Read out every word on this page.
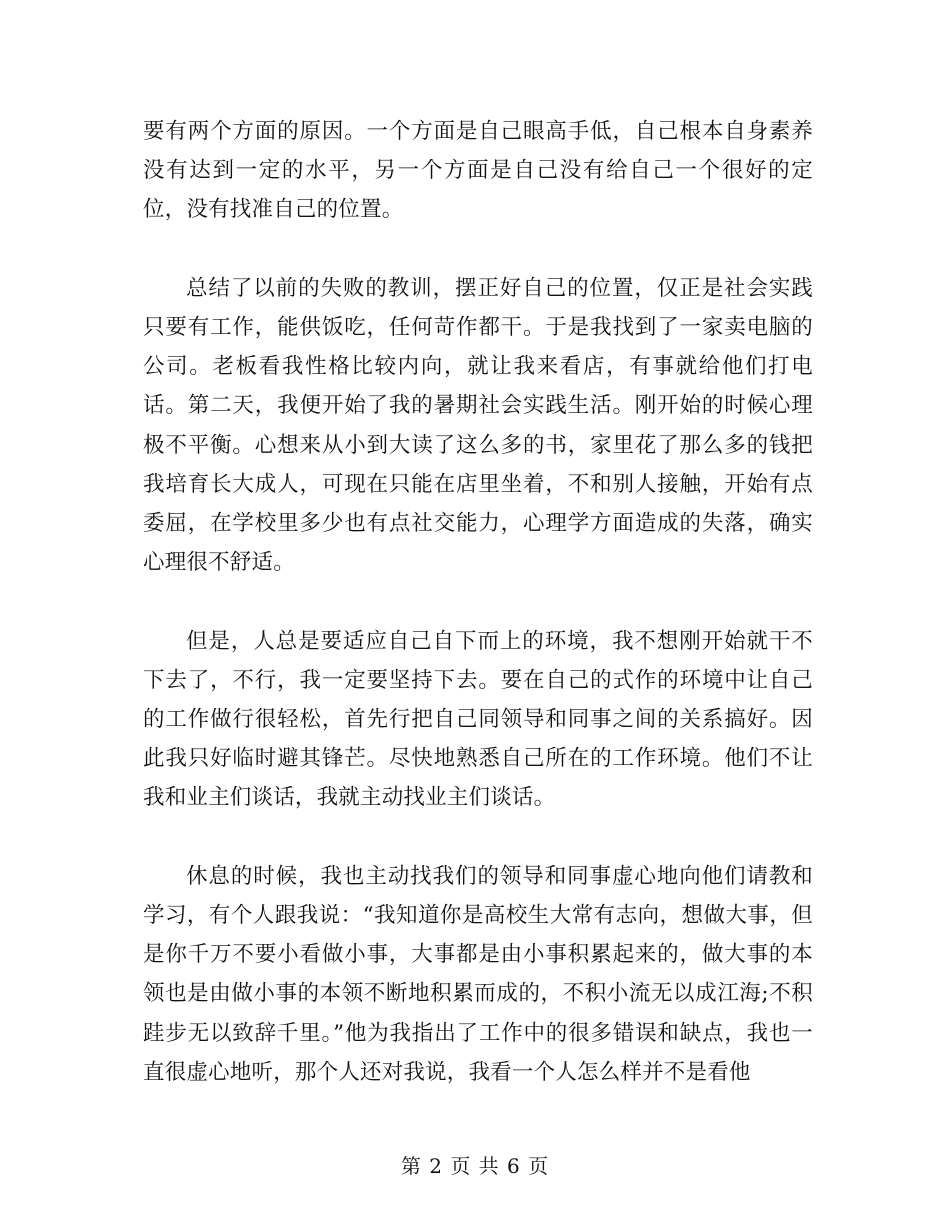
要有两个方面的原因。一个方面是自己眼高手低，自己根本自身素养没有达到一定的水平，另一个方面是自己没有给自己一个很好的定位，没有找准自己的位置。

总结了以前的失败的教训，摆正好自己的位置，仅正是社会实践只要有工作，能供饭吃，任何苛作都干。于是我找到了一家卖电脑的公司。老板看我性格比较内向，就让我来看店，有事就给他们打电话。第二天，我便开始了我的暑期社会实践生活。刚开始的时候心理极不平衡。心想来从小到大读了这么多的书，家里花了那么多的钱把我培育长大成人，可现在只能在店里坐着，不和别人接触，开始有点委屈，在学校里多少也有点社交能力，心理学方面造成的失落，确实心理很不舒适。

但是，人总是要适应自己自下而上的环境，我不想刚开始就干不下去了，不行，我一定要坚持下去。要在自己的式作的环境中让自己的工作做行很轻松，首先行把自己同领导和同事之间的关系搞好。因此我只好临时避其锋芒。尽快地熟悉自己所在的工作环境。他们不让我和业主们谈话，我就主动找业主们谈话。

休息的时候，我也主动找我们的领导和同事虚心地向他们请教和学习，有个人跟我说：“我知道你是高校生大常有志向，想做大事，但是你千万不要小看做小事，大事都是由小事积累起来的，做大事的本领也是由做小事的本领不断地积累而成的，不积小流无以成江海;不积跬步无以致辞千里。”他为我指出了工作中的很多错误和缺点，我也一直很虚心地听，那个人还对我说，我看一个人怎么样并不是看他

第 2 页 共 6 页
